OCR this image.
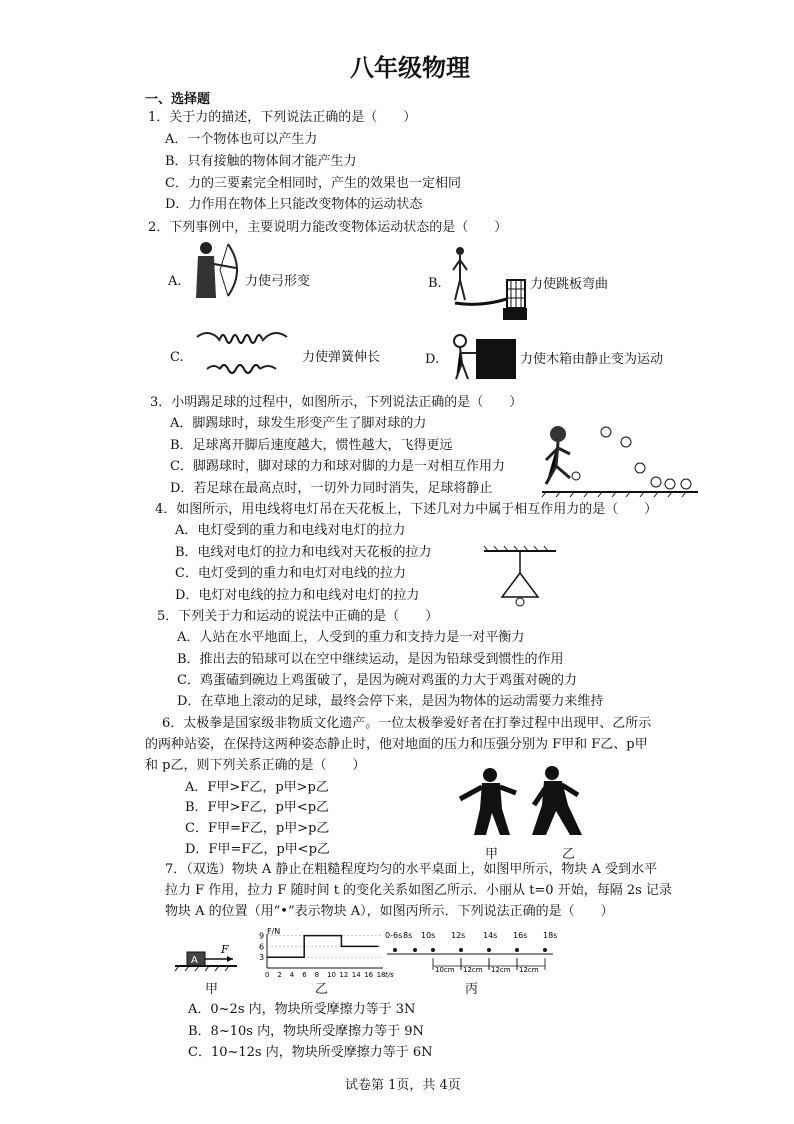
八年级物理
一、选择题
1．关于力的描述，下列说法正确的是（　　）
A．一个物体也可以产生力
B．只有接触的物体间才能产生力
C．力的三要素完全相同时，产生的效果也一定相同
D．力作用在物体上只能改变物体的运动状态
2．下列事例中，主要说明力能改变物体运动状态的是（　　）
A.	力使弓形变	B.	力使跳板弯曲
C.	力使弹簧伸长	D.	力使木箱由静止变为运动
3．小明踢足球的过程中，如图所示，下列说法正确的是（　　）
A．脚踢球时，球发生形变产生了脚对球的力
B．足球离开脚后速度越大，惯性越大，飞得更远
C．脚踢球时，脚对球的力和球对脚的力是一对相互作用力
D．若足球在最高点时，一切外力同时消失，足球将静止
4．如图所示，用电线将电灯吊在天花板上，下述几对力中属于相互作用力的是（　　）
A．电灯受到的重力和电线对电灯的拉力
B．电线对电灯的拉力和电线对天花板的拉力
C．电灯受到的重力和电灯对电线的拉力
D．电灯对电线的拉力和电线对电灯的拉力
5．下列关于力和运动的说法中正确的是（　　）
A．人站在水平地面上，人受到的重力和支持力是一对平衡力
B．推出去的铅球可以在空中继续运动，是因为铅球受到惯性的作用
C．鸡蛋磕到碗边上鸡蛋破了，是因为碗对鸡蛋的力大于鸡蛋对碗的力
D．在草地上滚动的足球，最终会停下来，是因为物体的运动需要力来维持
6．太极拳是国家级非物质文化遗产。一位太极拳爱好者在打拳过程中出现甲、乙所示
的两种站姿，在保持这两种姿态静止时，他对地面的压力和压强分别为 F甲和 F乙、p甲
和 p乙，则下列关系正确的是（　　）
A．F甲>F乙，p甲>p乙
B．F甲>F乙，p甲<p乙
C．F甲=F乙，p甲>p乙
D．F甲=F乙，p甲<p乙	甲	乙
7．（双选）物块 A 静止在粗糙程度均匀的水平桌面上，如图甲所示，物块 A 受到水平
拉力 F 作用，拉力 F 随时间 t 的变化关系如图乙所示．小丽从 t=0 开始，每隔 2s 记录
物块 A 的位置（用“•”表示物块 A），如图丙所示．下列说法正确的是（　　）
A
F
甲
F/N
9
6
3
0 2 4 6 8 10 12 14 16 18 t/s
乙
0-6s 8s 10s 12s 14s 16s 18s
10cm 12cm 12cm 12cm
丙
A．0~2s 内，物块所受摩擦力等于 3N
B．8~10s 内，物块所受摩擦力等于 9N
C．10~12s 内，物块所受摩擦力等于 6N
试卷第 1页，共 4页
